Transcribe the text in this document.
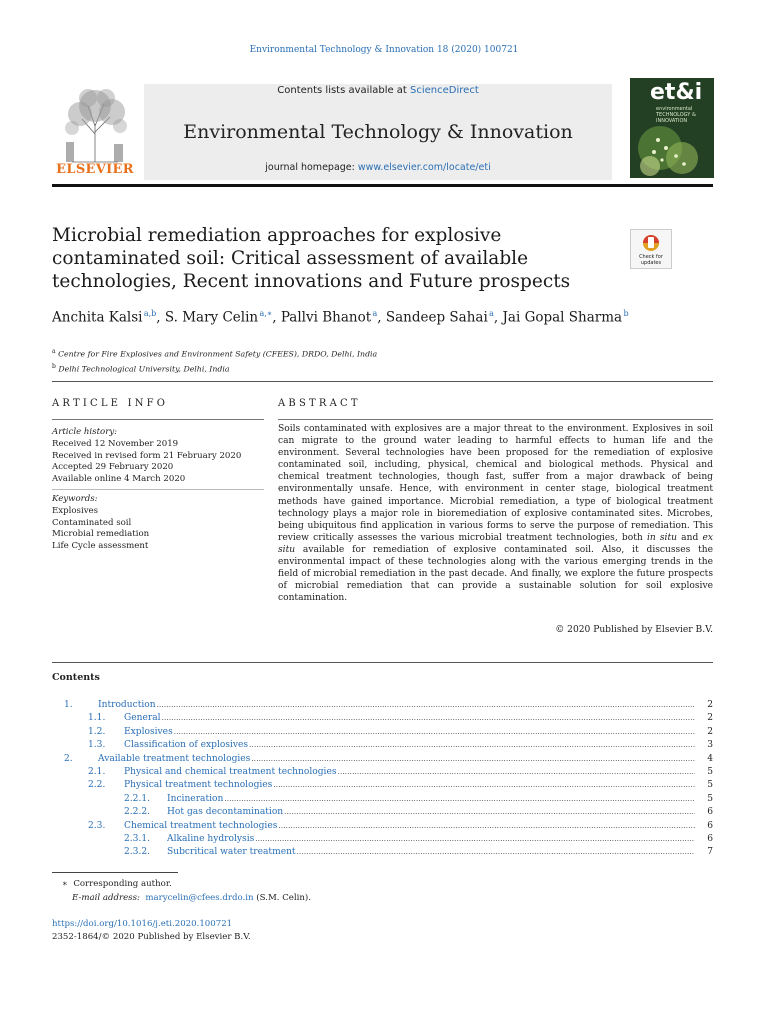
Environmental Technology & Innovation 18 (2020) 100721
ELSEVIER
Contents lists available at ScienceDirect
Environmental Technology & Innovation
journal homepage: www.elsevier.com/locate/eti
et&i
environmental TECHNOLOGY & INNOVATION
Microbial remediation approaches for explosive contaminated soil: Critical assessment of available technologies, Recent innovations and Future prospects
Check for updates
Anchita Kalsi $^{a,b}$, S. Mary Celin $^{a,∗}$, Pallvi Bhanot $^a$, Sandeep Sahai $^a$, Jai Gopal Sharma $^b$
$^a$ Centre for Fire Explosives and Environment Safety (CFEES), DRDO, Delhi, India
$^b$ Delhi Technological University, Delhi, India
ARTICLE INFO	ABSTRACT
Article history:
Received 12 November 2019
Received in revised form 21 February 2020
Accepted 29 February 2020
Available online 4 March 2020
Keywords:
Explosives
Contaminated soil
Microbial remediation
Life Cycle assessment
Soils contaminated with explosives are a major threat to the environment. Explosives in soil can migrate to the ground water leading to harmful effects to human life and the environment. Several technologies have been proposed for the remediation of explosive contaminated soil, including, physical, chemical and biological methods. Physical and chemical treatment technologies, though fast, suffer from a major drawback of being environmentally unsafe. Hence, with environment in center stage, biological treatment methods have gained importance. Microbial remediation, a type of biological treatment technology plays a major role in bioremediation of explosive contaminated sites. Microbes, being ubiquitous find application in various forms to serve the purpose of remediation. This review critically assesses the various microbial treatment technologies, both in situ and ex situ available for remediation of explosive contaminated soil. Also, it discusses the environmental impact of these technologies along with the various emerging trends in the field of microbial remediation in the past decade. And finally, we explore the future prospects of microbial remediation that can provide a sustainable solution for soil explosive contamination.
© 2020 Published by Elsevier B.V.
Contents
1.	Introduction .....	2
1.1.	General .....	2
1.2.	Explosives .....	2
1.3.	Classification of explosives .....	3
2.	Available treatment technologies .....	4
2.1.	Physical and chemical treatment technologies .....	5
2.2.	Physical treatment technologies .....	5
2.2.1.	Incineration .....	5
2.2.2.	Hot gas decontamination .....	6
2.3.	Chemical treatment technologies .....	6
2.3.1.	Alkaline hydrolysis .....	6
2.3.2.	Subcritical water treatment .....	7
∗ Corresponding author.
E-mail address: marycelin@cfees.drdo.in (S.M. Celin).
https://doi.org/10.1016/j.eti.2020.100721
2352-1864/© 2020 Published by Elsevier B.V.
